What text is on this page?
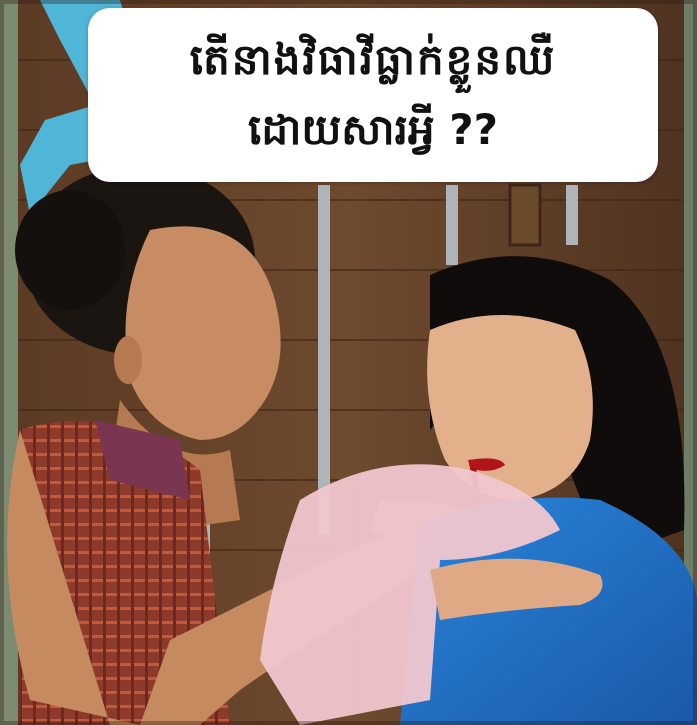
តើនាងវិធាវីធ្លាក់ខ្លួនឈឺ
ដោយសារអ្វី ??
